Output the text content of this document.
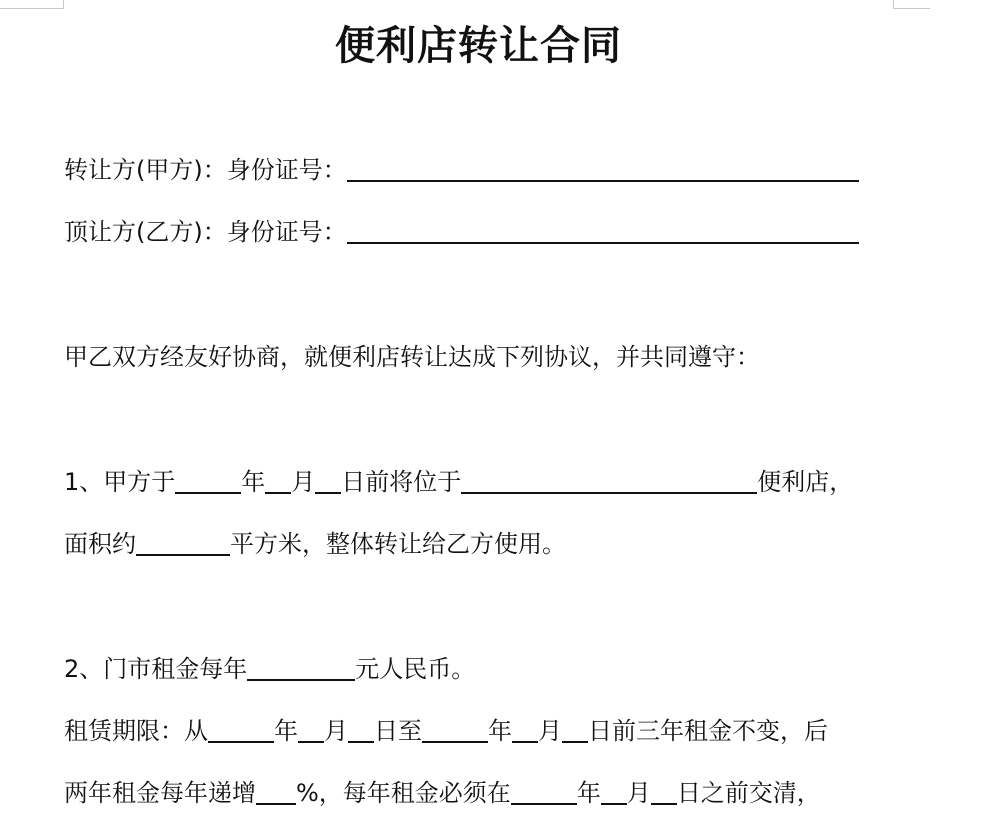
便利店转让合同
转让方(甲方)：身份证号：
顶让方(乙方)：身份证号：
甲乙双方经友好协商，就便利店转让达成下列协议，并共同遵守：
1、甲方于	年 月 日前将位于	便利店，
面积约	平方米，整体转让给乙方使用。
2、门市租金每年	元人民币。
租赁期限：从	年 月 日至	年 月 日前三年租金不变，后
两年租金每年递增 %，每年租金必须在	年 月 日之前交清，
